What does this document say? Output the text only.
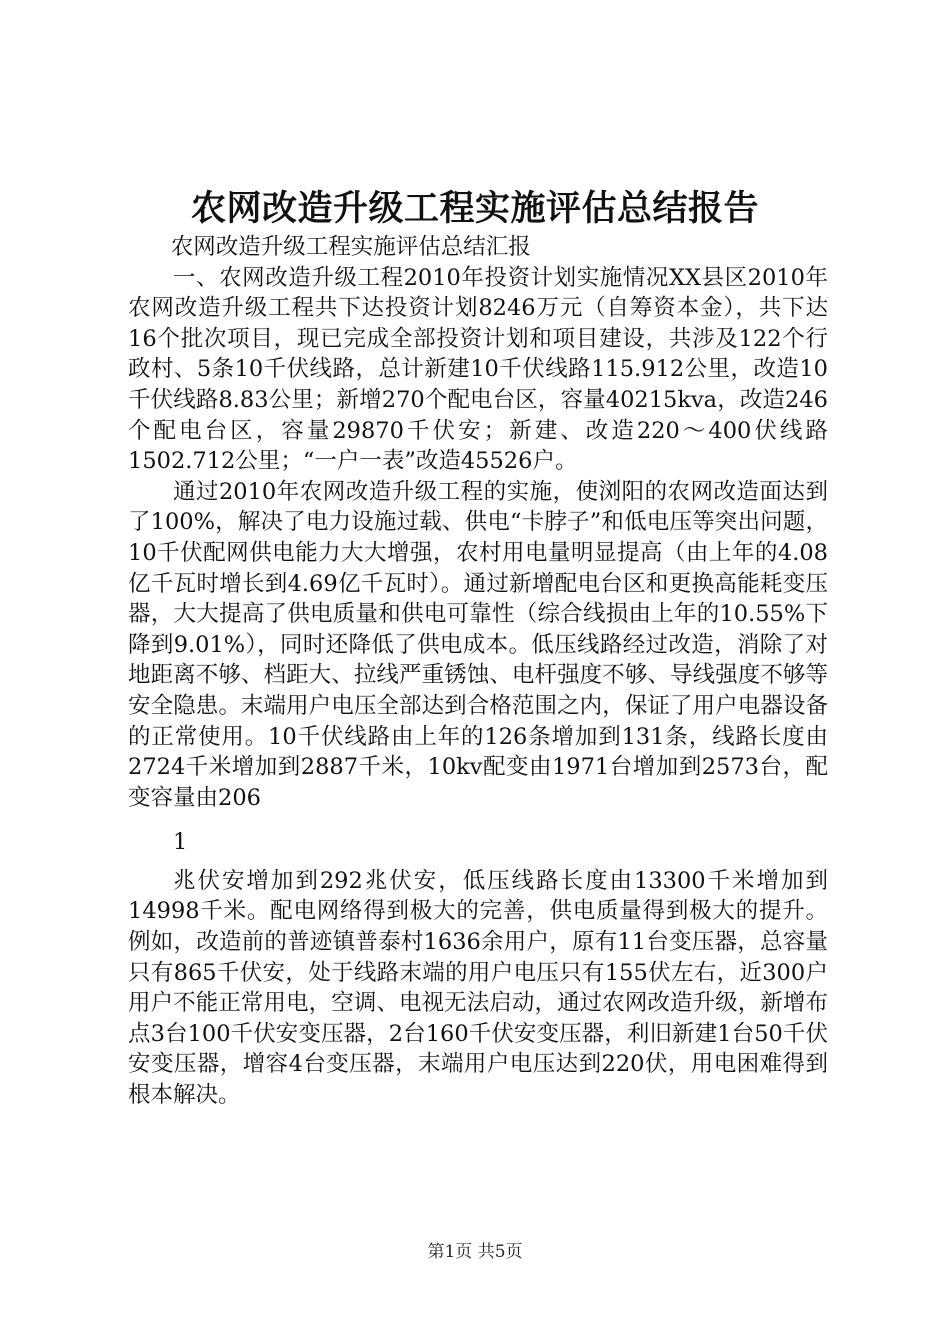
农网改造升级工程实施评估总结报告

农网改造升级工程实施评估总结汇报

一、农网改造升级工程2010年投资计划实施情况XX县区2010年农网改造升级工程共下达投资计划8246万元（自筹资本金），共下达16个批次项目，现已完成全部投资计划和项目建设，共涉及122个行政村、5条10千伏线路，总计新建10千伏线路115.912公里，改造10千伏线路8.83公里；新增270个配电台区，容量40215kva，改造246个配电台区，容量29870千伏安；新建、改造220～400伏线路1502.712公里；“一户一表”改造45526户。

通过2010年农网改造升级工程的实施，使浏阳的农网改造面达到了100%，解决了电力设施过载、供电“卡脖子”和低电压等突出问题，10千伏配网供电能力大大增强，农村用电量明显提高（由上年的4.08亿千瓦时增长到4.69亿千瓦时）。通过新增配电台区和更换高能耗变压器，大大提高了供电质量和供电可靠性（综合线损由上年的10.55%下降到9.01%），同时还降低了供电成本。低压线路经过改造，消除了对地距离不够、档距大、拉线严重锈蚀、电杆强度不够、导线强度不够等安全隐患。末端用户电压全部达到合格范围之内，保证了用户电器设备的正常使用。10千伏线路由上年的126条增加到131条，线路长度由2724千米增加到2887千米，10kv配变由1971台增加到2573台，配变容量由206

1

兆伏安增加到292兆伏安，低压线路长度由13300千米增加到14998千米。配电网络得到极大的完善，供电质量得到极大的提升。例如，改造前的普迹镇普泰村1636余用户，原有11台变压器，总容量只有865千伏安，处于线路末端的用户电压只有155伏左右，近300户用户不能正常用电，空调、电视无法启动，通过农网改造升级，新增布点3台100千伏安变压器，2台160千伏安变压器，利旧新建1台50千伏安变压器，增容4台变压器，末端用户电压达到220伏，用电困难得到根本解决。

第1页 共5页
